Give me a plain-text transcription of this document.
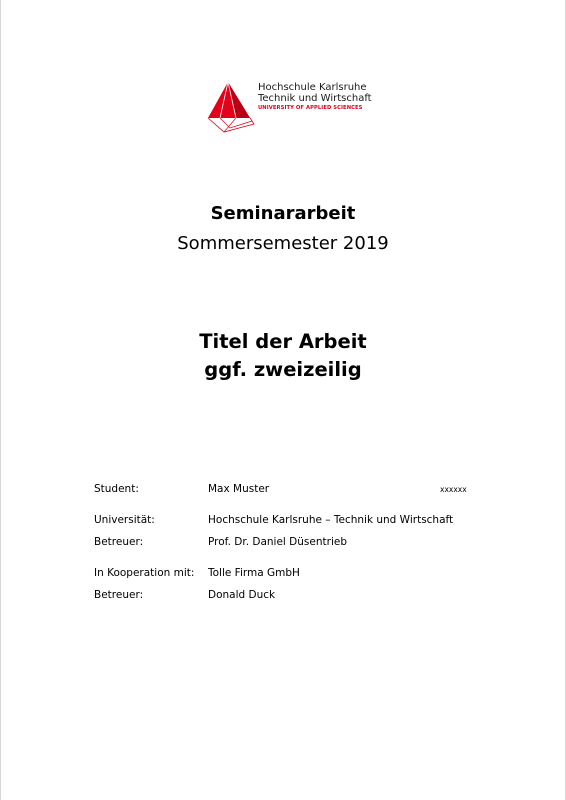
Hochschule Karlsruhe
Technik und Wirtschaft
UNIVERSITY OF APPLIED SCIENCES
Seminararbeit
Sommersemester 2019
Titel der Arbeit
ggf. zweizeilig
Student:	Max Muster	xxxxxx
Universität:	Hochschule Karlsruhe – Technik und Wirtschaft
Betreuer:	Prof. Dr. Daniel Düsentrieb
In Kooperation mit: Tolle Firma GmbH
Betreuer:	Donald Duck
